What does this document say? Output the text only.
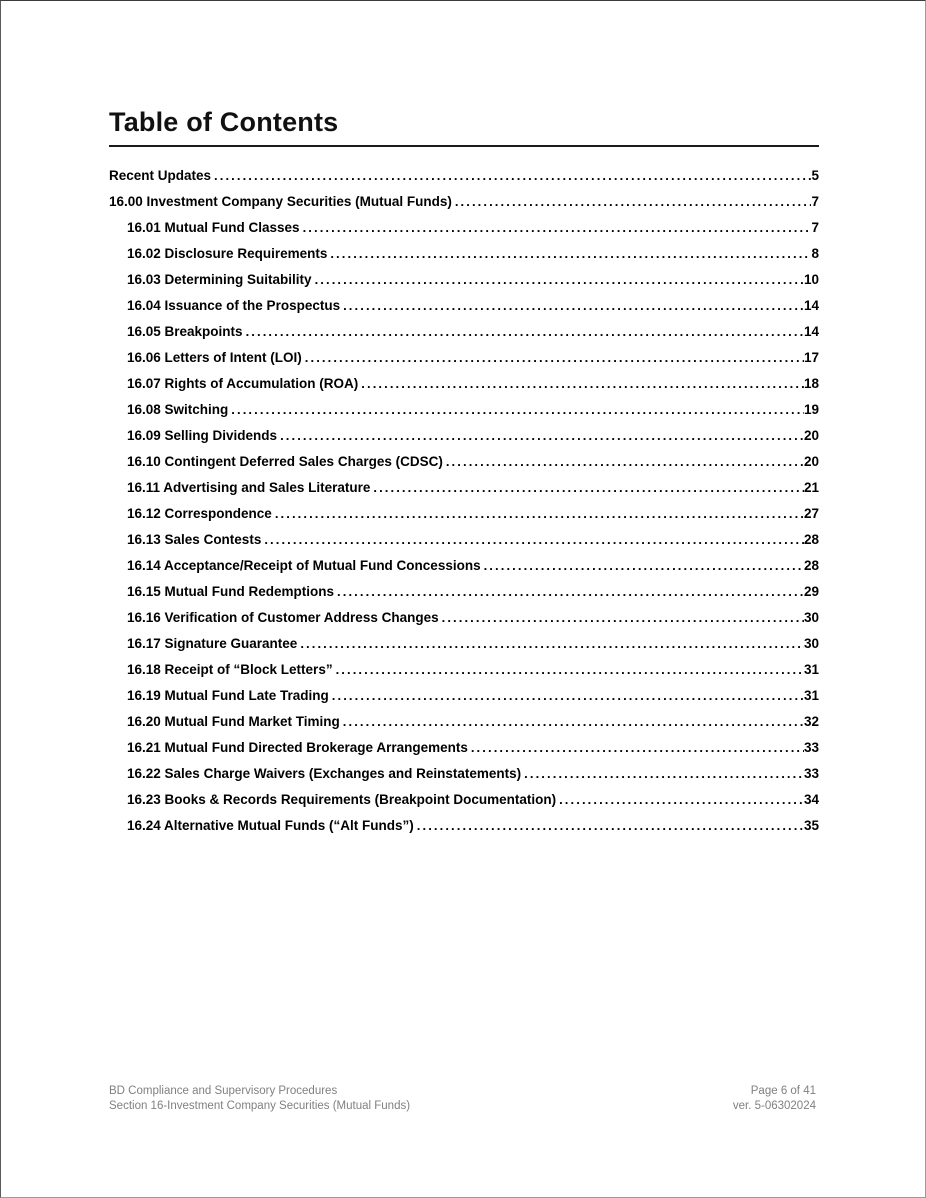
Table of Contents
Recent Updates .....	5
16.00 Investment Company Securities (Mutual Funds) .....	7
16.01 Mutual Fund Classes .....	7
16.02 Disclosure Requirements .....	8
16.03 Determining Suitability .....	10
16.04 Issuance of the Prospectus .....	14
16.05 Breakpoints .....	14
16.06 Letters of Intent (LOI) .....	17
16.07 Rights of Accumulation (ROA) .....	18
16.08 Switching .....	19
16.09 Selling Dividends .....	20
16.10 Contingent Deferred Sales Charges (CDSC) .....	20
16.11 Advertising and Sales Literature .....	21
16.12 Correspondence .....	27
16.13 Sales Contests .....	28
16.14 Acceptance/Receipt of Mutual Fund Concessions .....	28
16.15 Mutual Fund Redemptions .....	29
16.16 Verification of Customer Address Changes .....	30
16.17 Signature Guarantee .....	30
16.18 Receipt of “Block Letters” .....	31
16.19 Mutual Fund Late Trading .....	31
16.20 Mutual Fund Market Timing .....	32
16.21 Mutual Fund Directed Brokerage Arrangements .....	33
16.22 Sales Charge Waivers (Exchanges and Reinstatements) .....	33
16.23 Books & Records Requirements (Breakpoint Documentation) .....	34
16.24 Alternative Mutual Funds (“Alt Funds”) .....	35
BD Compliance and Supervisory Procedures
Section 16-Investment Company Securities (Mutual Funds)
Page 6 of 41
ver. 5-06302024
